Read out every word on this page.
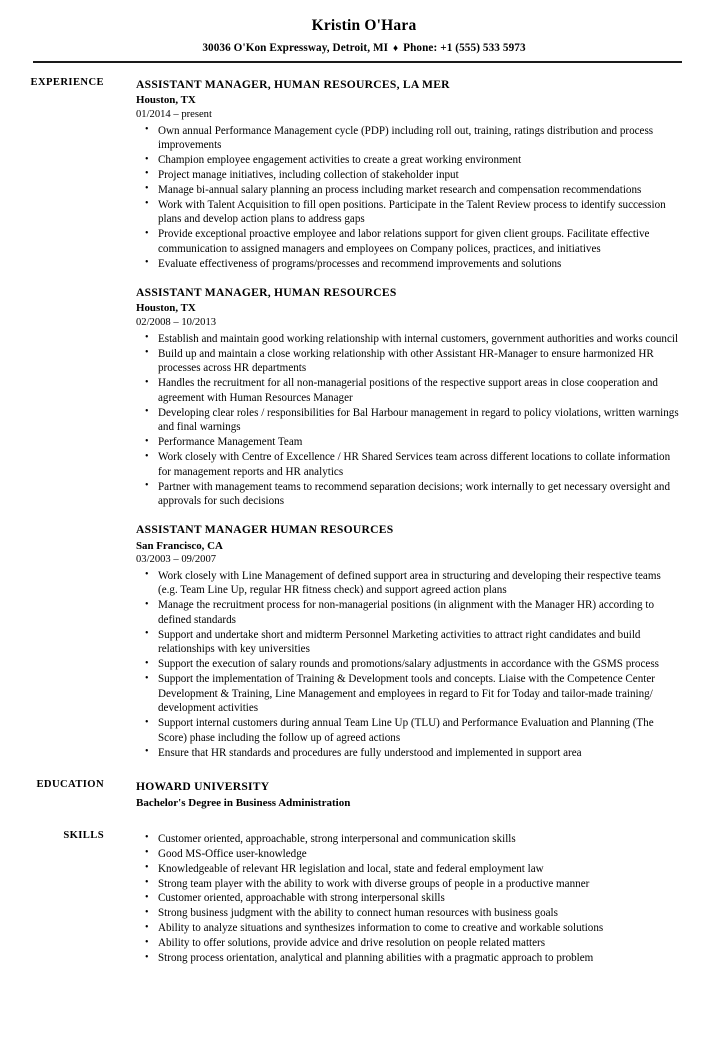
Kristin O'Hara
30036 O'Kon Expressway, Detroit, MI ♦ Phone: +1 (555) 533 5973
EXPERIENCE	ASSISTANT MANAGER, HUMAN RESOURCES, LA MER
Houston, TX
01/2014 – present
• Own annual Performance Management cycle (PDP) including roll out, training, ratings distribution and process improvements
• Champion employee engagement activities to create a great working environment
• Project manage initiatives, including collection of stakeholder input
• Manage bi-annual salary planning an process including market research and compensation recommendations
• Work with Talent Acquisition to fill open positions. Participate in the Talent Review process to identify succession plans and develop action plans to address gaps
• Provide exceptional proactive employee and labor relations support for given client groups. Facilitate effective communication to assigned managers and employees on Company polices, practices, and initiatives
• Evaluate effectiveness of programs/processes and recommend improvements and solutions
ASSISTANT MANAGER, HUMAN RESOURCES
Houston, TX
02/2008 – 10/2013
• Establish and maintain good working relationship with internal customers, government authorities and works council
• Build up and maintain a close working relationship with other Assistant HR-Manager to ensure harmonized HR processes across HR departments
• Handles the recruitment for all non-managerial positions of the respective support areas in close cooperation and agreement with Human Resources Manager
• Developing clear roles / responsibilities for Bal Harbour management in regard to policy violations, written warnings and final warnings
• Performance Management Team
• Work closely with Centre of Excellence / HR Shared Services team across different locations to collate information for management reports and HR analytics
• Partner with management teams to recommend separation decisions; work internally to get necessary oversight and approvals for such decisions
ASSISTANT MANAGER HUMAN RESOURCES
San Francisco, CA
03/2003 – 09/2007
• Work closely with Line Management of defined support area in structuring and developing their respective teams (e.g. Team Line Up, regular HR fitness check) and support agreed action plans
• Manage the recruitment process for non-managerial positions (in alignment with the Manager HR) according to defined standards
• Support and undertake short and midterm Personnel Marketing activities to attract right candidates and build relationships with key universities
• Support the execution of salary rounds and promotions/salary adjustments in accordance with the GSMS process
• Support the implementation of Training & Development tools and concepts. Liaise with the Competence Center Development & Training, Line Management and employees in regard to Fit for Today and tailor-made training/ development activities
• Support internal customers during annual Team Line Up (TLU) and Performance Evaluation and Planning (The Score) phase including the follow up of agreed actions
• Ensure that HR standards and procedures are fully understood and implemented in support area
EDUCATION	HOWARD UNIVERSITY
Bachelor's Degree in Business Administration
SKILLS	• Customer oriented, approachable, strong interpersonal and communication skills
• Good MS-Office user-knowledge
• Knowledgeable of relevant HR legislation and local, state and federal employment law
• Strong team player with the ability to work with diverse groups of people in a productive manner
• Customer oriented, approachable with strong interpersonal skills
• Strong business judgment with the ability to connect human resources with business goals
• Ability to analyze situations and synthesizes information to come to creative and workable solutions
• Ability to offer solutions, provide advice and drive resolution on people related matters
• Strong process orientation, analytical and planning abilities with a pragmatic approach to problem
